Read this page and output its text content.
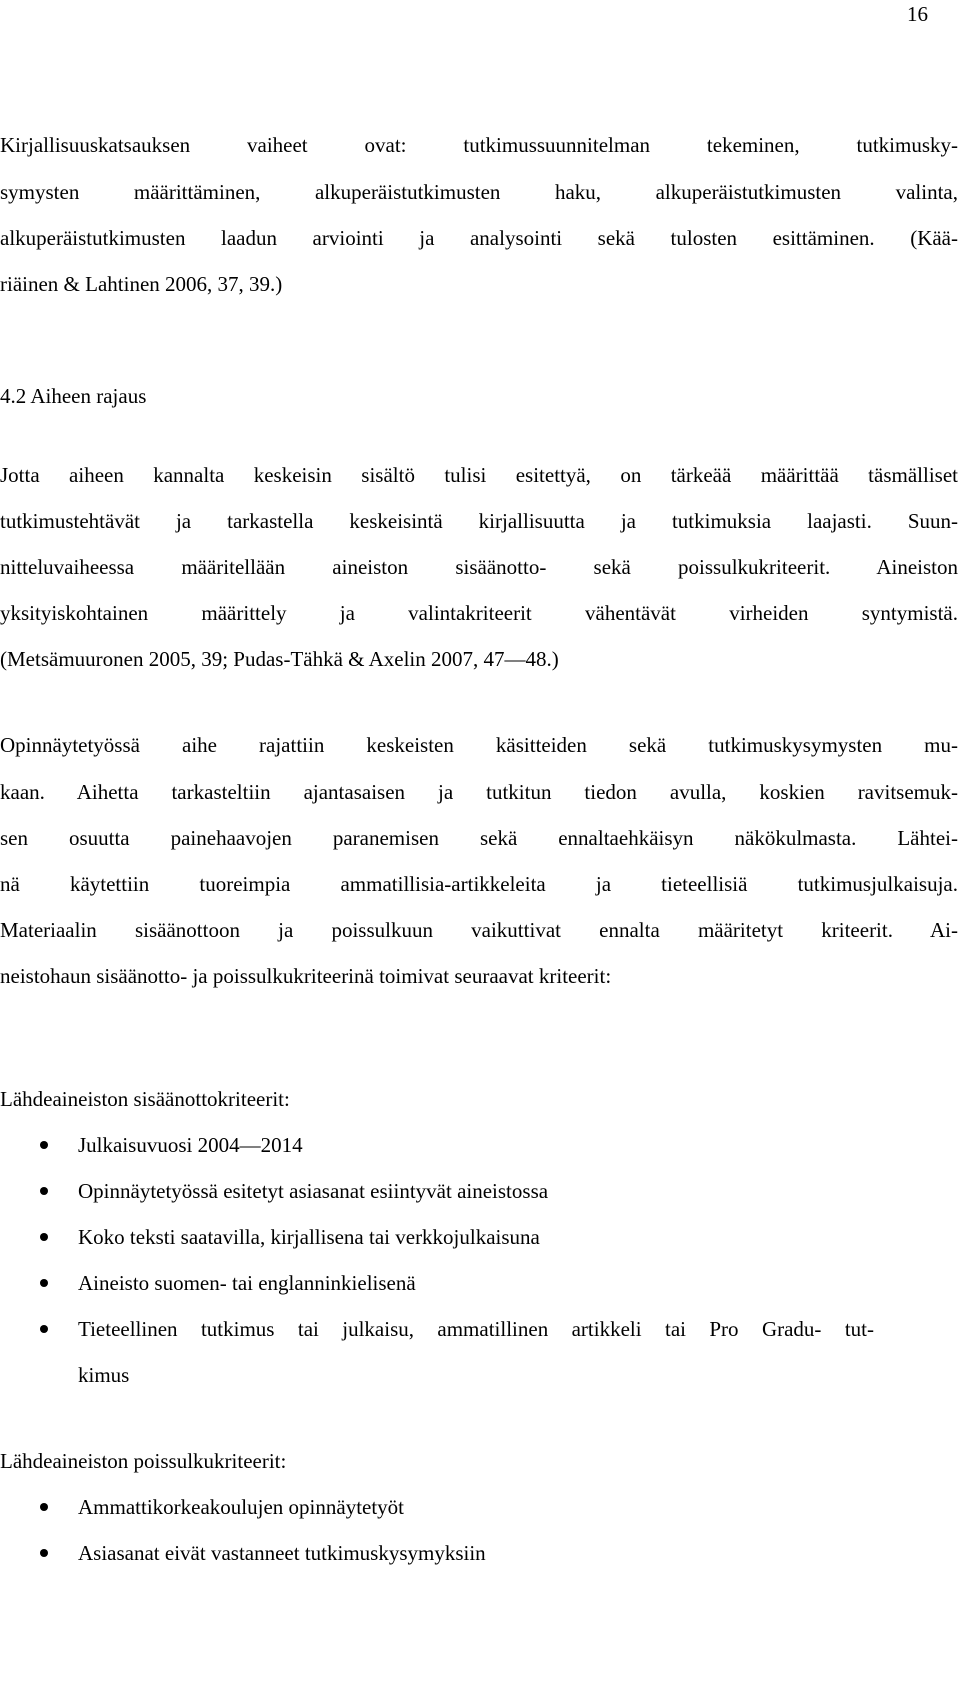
16
Kirjallisuuskatsauksen vaiheet ovat: tutkimussuunnitelman tekeminen, tutkimusky-
symysten määrittäminen, alkuperäistutkimusten haku, alkuperäistutkimusten valinta,
alkuperäistutkimusten laadun arviointi ja analysointi sekä tulosten esittäminen. (Kää-
riäinen & Lahtinen 2006, 37, 39.)
4.2 Aiheen rajaus
Jotta aiheen kannalta keskeisin sisältö tulisi esitettyä, on tärkeää määrittää täsmälliset
tutkimustehtävät ja tarkastella keskeisintä kirjallisuutta ja tutkimuksia laajasti. Suun-
nitteluvaiheessa määritellään aineiston sisäänotto- sekä poissulkukriteerit. Aineiston
yksityiskohtainen määrittely ja valintakriteerit vähentävät virheiden syntymistä.
(Metsämuuronen 2005, 39; Pudas-Tähkä & Axelin 2007, 47—48.)
Opinnäytetyössä aihe rajattiin keskeisten käsitteiden sekä tutkimuskysymysten mu-
kaan. Aihetta tarkasteltiin ajantasaisen ja tutkitun tiedon avulla, koskien ravitsemuk-
sen osuutta painehaavojen paranemisen sekä ennaltaehkäisyn näkökulmasta. Lähtei-
nä käytettiin tuoreimpia ammatillisia-artikkeleita ja tieteellisiä tutkimusjulkaisuja.
Materiaalin sisäänottoon ja poissulkuun vaikuttivat ennalta määritetyt kriteerit. Ai-
neistohaun sisäänotto- ja poissulkukriteerinä toimivat seuraavat kriteerit:
Lähdeaineiston sisäänottokriteerit:
Julkaisuvuosi 2004—2014
Opinnäytetyössä esitetyt asiasanat esiintyvät aineistossa
Koko teksti saatavilla, kirjallisena tai verkkojulkaisuna
Aineisto suomen- tai englanninkielisenä
Tieteellinen tutkimus tai julkaisu, ammatillinen artikkeli tai Pro Gradu- tut-
kimus
Lähdeaineiston poissulkukriteerit:
Ammattikorkeakoulujen opinnäytetyöt
Asiasanat eivät vastanneet tutkimuskysymyksiin
